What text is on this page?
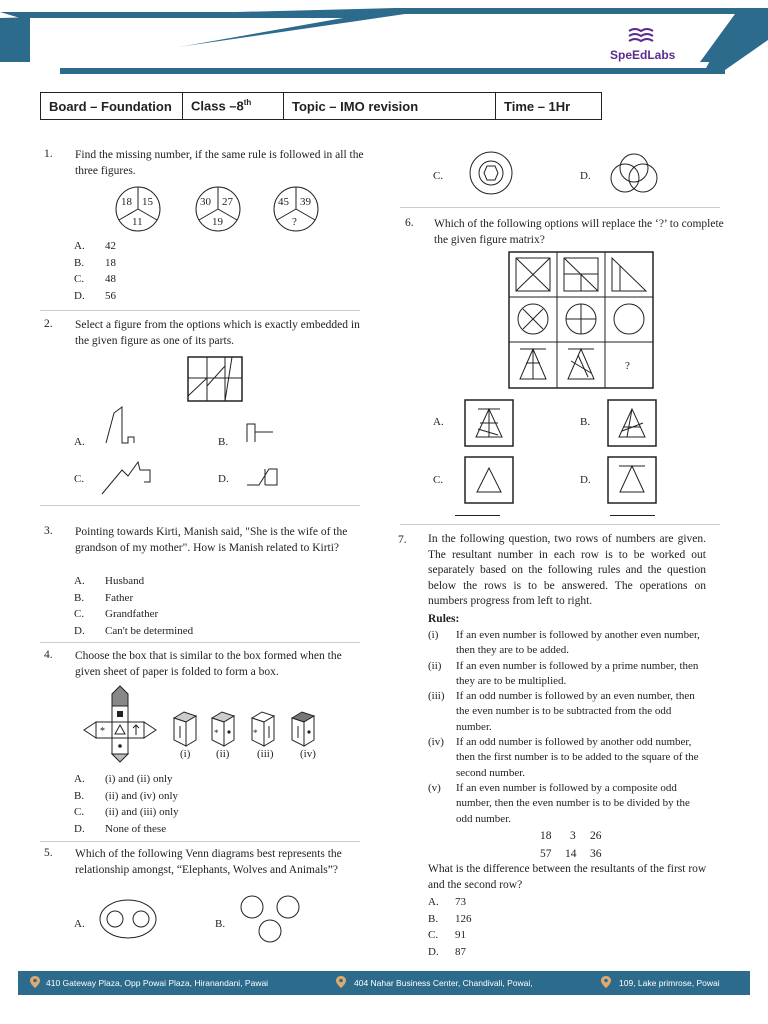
SpeEdLabs
Board – Foundation	Class –8th	Topic – IMO revision	Time – 1Hr
1. Find the missing number, if the same rule is followed in all the three figures.
18 15
11
30 27
19
45 39
?
A.	42
B.	18
C.	48
D.	56
2. Select a figure from the options which is exactly embedded in the given figure as one of its parts.
A.	B.
C.	D.
3. Pointing towards Kirti, Manish said, "She is the wife of the grandson of my mother". How is Manish related to Kirti?
A.	Husband
B.	Father
C.	Grandfather
D.	Can't be determined
4. Choose the box that is similar to the box formed when the given sheet of paper is folded to form a box.
*	*	*
(i) (ii)	(iii) (iv)
A.	(i) and (ii) only
B.	(ii) and (iv) only
C.	(ii) and (iii) only
D.	None of these
5. Which of the following Venn diagrams best represents the relationship amongst, “Elephants, Wolves and Animals”?
A.	B.
C.	D.
6. Which of the following options will replace the ‘?’ to complete the given figure matrix?
?
A.	B.
C.	D.
7. In the following question, two rows of numbers are given. The resultant number in each row is to be worked out separately based on the following rules and the question below the rows is to be answered. The operations on numbers progress from left to right.
Rules:
(i)	If an even number is followed by another even number, then they are to be added.
(ii)	If an even number is followed by a prime number, then they are to be multiplied.
(iii)	If an odd number is followed by an even number, then the even number is to be subtracted from the odd number.
(iv)	If an odd number is followed by another odd number, then the first number is to be added to the square of the second number.
(v)	If an even number is followed by a composite odd number, then the even number is to be divided by the odd number.
18 3 26
57 14 36
What is the difference between the resultants of the first row and the second row?
A.	73
B.	126
C.	91
D.	87
410 Gateway Plaza, Opp Powai Plaza, Hiranandani, Pawai	404 Nahar Business Center, Chandivali, Powai,	109, Lake primrose, Powai
